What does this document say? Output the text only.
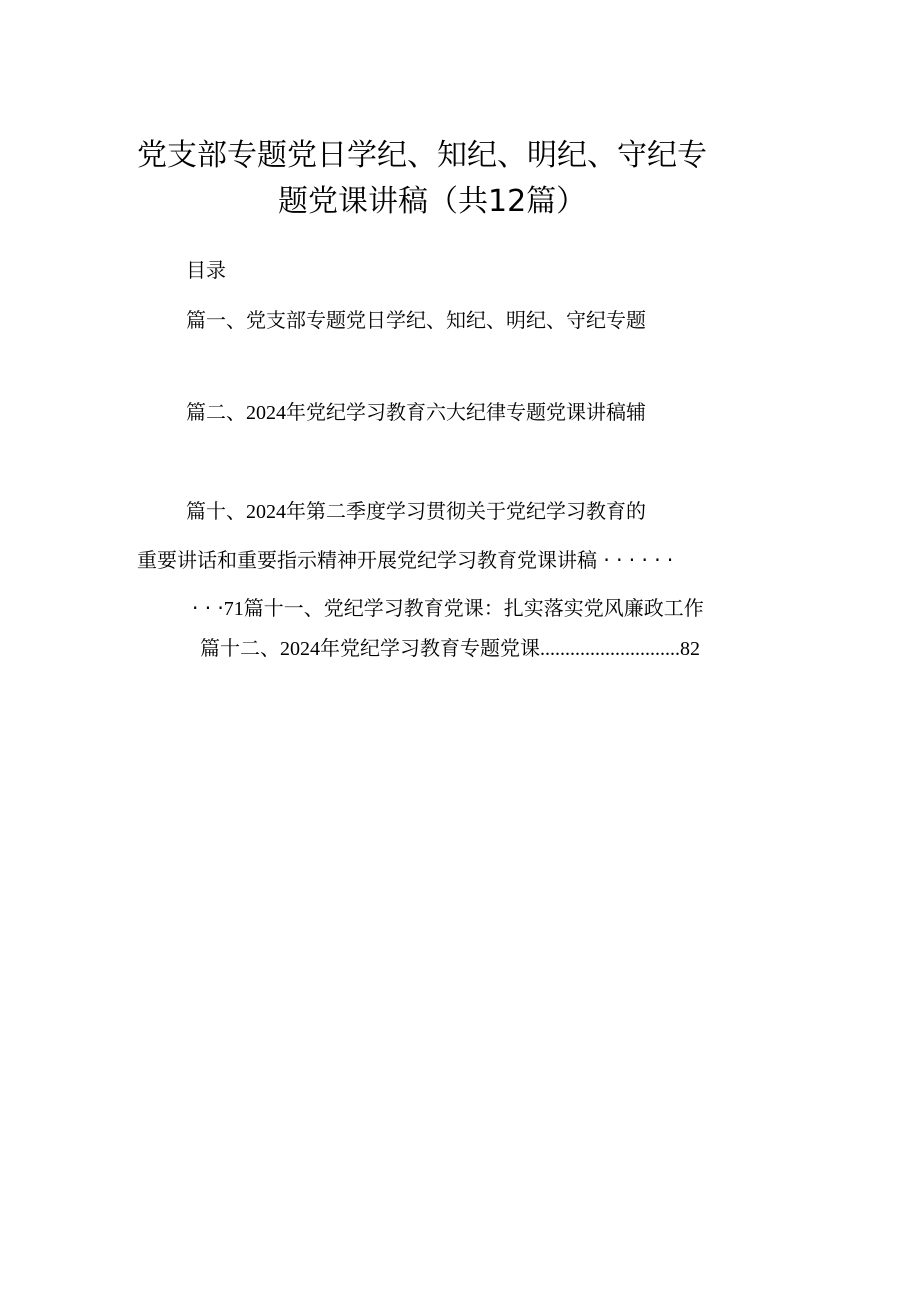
党支部专题党日学纪、知纪、明纪、守纪专
题党课讲稿（共12篇）
目录
篇一、党支部专题党日学纪、知纪、明纪、守纪专题
篇二、2024年党纪学习教育六大纪律专题党课讲稿辅
篇十、2024年第二季度学习贯彻关于党纪学习教育的
重要讲话和重要指示精神开展党纪学习教育党课讲稿 · · · · · ·
· · ·71篇十一、党纪学习教育党课：扎实落实党风廉政工作
篇十二、2024年党纪学习教育专题党课............................82
